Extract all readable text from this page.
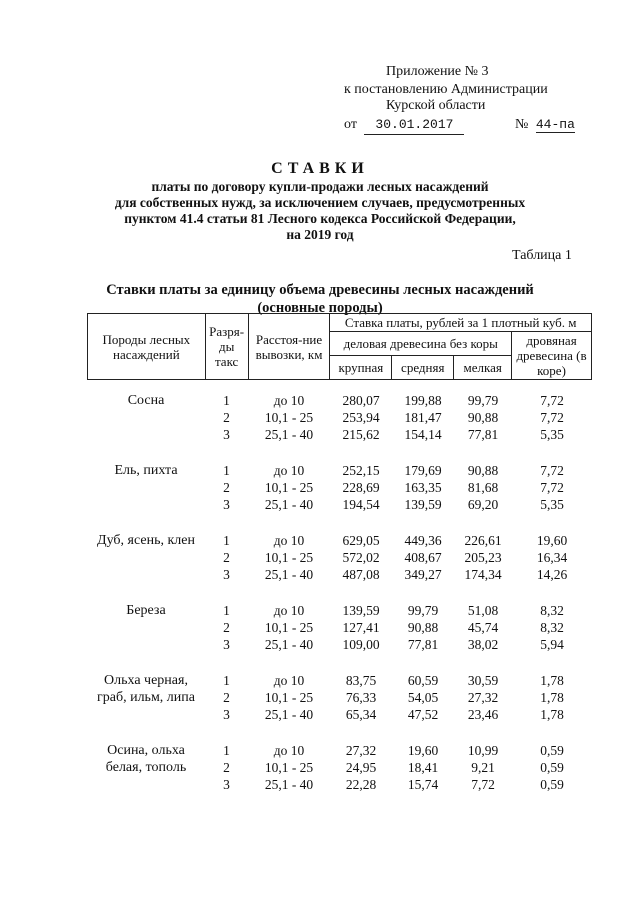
Приложение № 3
к постановлению Администрации
Курской области
от 30.01.2017	№ 44-па
СТАВКИ
платы по договору купли-продажи лесных насаждений
для собственных нужд, за исключением случаев, предусмотренных
пунктом 41.4 статьи 81 Лесного кодекса Российской Федерации,
на 2019 год
Таблица 1
Ставки платы за единицу объема древесины лесных насаждений
(основные породы)
Породы лесных насаждений	Разря-ды такс	Расстоя-ние вывозки, км	Ставка платы, рублей за 1 плотный куб. м			
			деловая древесина без коры			дровяная древесина (в коре)
			крупная	средняя	мелкая	
Сосна	1	до 10	280,07	199,88	99,79	7,72
	2	10,1 - 25	253,94	181,47	90,88	7,72
	3	25,1 - 40	215,62	154,14	77,81	5,35

Ель, пихта	1	до 10	252,15	179,69	90,88	7,72
	2	10,1 - 25	228,69	163,35	81,68	7,72
	3	25,1 - 40	194,54	139,59	69,20	5,35

Дуб, ясень, клен	1	до 10	629,05	449,36	226,61	19,60
	2	10,1 - 25	572,02	408,67	205,23	16,34
	3	25,1 - 40	487,08	349,27	174,34	14,26

Береза	1	до 10	139,59	99,79	51,08	8,32
	2	10,1 - 25	127,41	90,88	45,74	8,32
	3	25,1 - 40	109,00	77,81	38,02	5,94

Ольха черная,	1	до 10	83,75	60,59	30,59	1,78
граб, ильм, липа	2	10,1 - 25	76,33	54,05	27,32	1,78
	3	25,1 - 40	65,34	47,52	23,46	1,78

Осина, ольха	1	до 10	27,32	19,60	10,99	0,59
белая, тополь	2	10,1 - 25	24,95	18,41	9,21	0,59
	3	25,1 - 40	22,28	15,74	7,72	0,59
